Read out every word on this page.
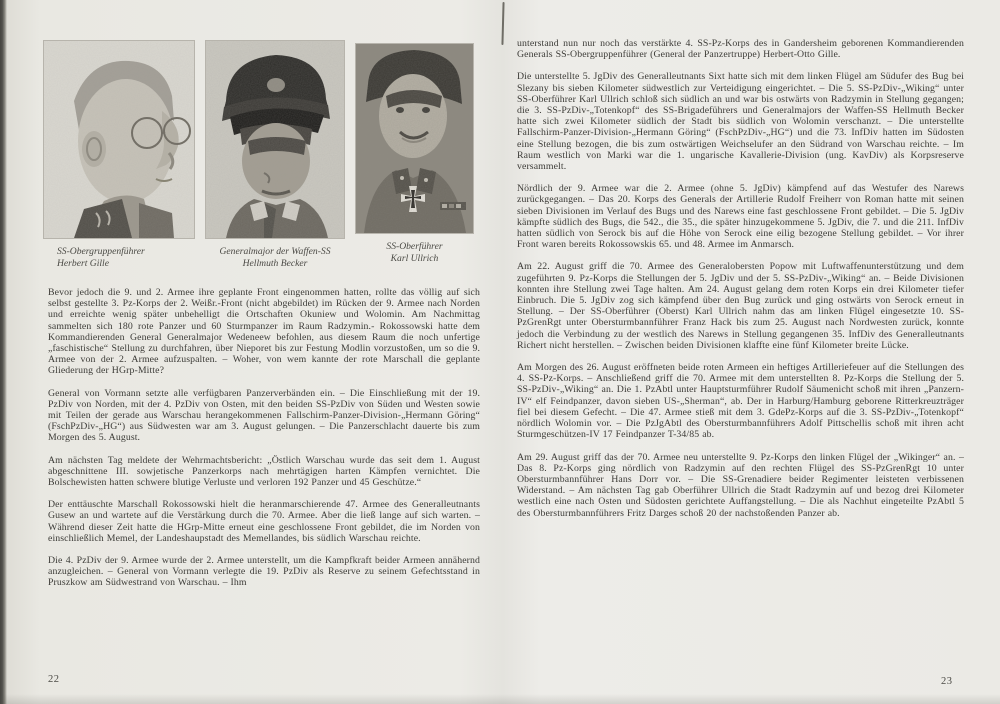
SS-Obergruppenführer
Herbert Gille
Generalmajor der Waffen-SS
Hellmuth Becker
SS-Oberführer
Karl Ullrich

Bevor jedoch die 9. und 2. Armee ihre geplante Front eingenommen hatten, rollte das völlig auf sich selbst gestellte 3. Pz-Korps der 2. Weißr.-Front (nicht abgebildet) im Rücken der 9. Armee nach Norden und erreichte wenig später unbehelligt die Ortschaften Okuniew und Wolomin. Am Nachmittag sammelten sich 180 rote Panzer und 60 Sturmpanzer im Raum Radzymin.- Rokossowski hatte dem Kommandierenden General Generalmajor Wedeneew befohlen, aus diesem Raum die noch unfertige „faschistische“ Stellung zu durchfahren, über Nieporet bis zur Festung Modlin vorzustoßen, um so die 9. Armee von der 2. Armee aufzuspalten. – Woher, von wem kannte der rote Marschall die geplante Gliederung der HGrp-Mitte?

General von Vormann setzte alle verfügbaren Panzerverbänden ein. – Die Einschließung mit der 19. PzDiv von Norden, mit der 4. PzDiv von Osten, mit den beiden SS-PzDiv von Süden und Westen sowie mit Teilen der gerade aus Warschau herangekommenen Fallschirm-Panzer-Division-„Hermann Göring“ (FschPzDiv-„HG“) aus Südwesten war am 3. August gelungen. – Die Panzerschlacht dauerte bis zum Morgen des 5. August.

Am nächsten Tag meldete der Wehrmachtsbericht: „Östlich Warschau wurde das seit dem 1. August abgeschnittene III. sowjetische Panzerkorps nach mehrtägigen harten Kämpfen vernichtet. Die Bolschewisten hatten schwere blutige Verluste und verloren 192 Panzer und 45 Geschütze.“

Der enttäuschte Marschall Rokossowski hielt die heranmarschierende 47. Armee des Generalleutnants Gusew an und wartete auf die Verstärkung durch die 70. Armee. Aber die ließ lange auf sich warten. – Während dieser Zeit hatte die HGrp-Mitte erneut eine geschlossene Front gebildet, die im Norden von einschließlich Memel, der Landeshaupstadt des Memellandes, bis südlich Warschau reichte.

Die 4. PzDiv der 9. Armee wurde der 2. Armee unterstellt, um die Kampfkraft beider Armeen annähernd anzugleichen. – General von Vormann verlegte die 19. PzDiv als Reserve zu seinem Gefechtsstand in Pruszkow am Südwestrand von Warschau. – Ihm

unterstand nun nur noch das verstärkte 4. SS-Pz-Korps des in Gandersheim geborenen Kommandierenden Generals SS-Obergruppenführer (General der Panzertruppe) Herbert-Otto Gille.

Die unterstellte 5. JgDiv des Generalleutnants Sixt hatte sich mit dem linken Flügel am Südufer des Bug bei Slezany bis sieben Kilometer südwestlich zur Verteidigung eingerichtet. – Die 5. SS-PzDiv-„Wiking“ unter SS-Oberführer Karl Ullrich schloß sich südlich an und war bis ostwärts von Radzymin in Stellung gegangen; die 3. SS-PzDiv-„Totenkopf“ des SS-Brigadeführers und Generalmajors der Waffen-SS Hellmuth Becker hatte sich zwei Kilometer südlich der Stadt bis südlich von Wolomin verschanzt. – Die unterstellte Fallschirm-Panzer-Division-„Hermann Göring“ (FschPzDiv-„HG“) und die 73. InfDiv hatten im Südosten eine Stellung bezogen, die bis zum ostwärtigen Weichselufer an den Südrand von Warschau reichte. – Im Raum westlich von Marki war die 1. ungarische Kavallerie-Division (ung. KavDiv) als Korpsreserve versammelt.

Nördlich der 9. Armee war die 2. Armee (ohne 5. JgDiv) kämpfend auf das Westufer des Narews zurückgegangen. – Das 20. Korps des Generals der Artillerie Rudolf Freiherr von Roman hatte mit seinen sieben Divisionen im Verlauf des Bugs und des Narews eine fast geschlossene Front gebildet. – Die 5. JgDiv kämpfte südlich des Bugs, die 542., die 35., die später hinzugekommene 5. JgDiv, die 7. und die 211. InfDiv hatten südlich von Serock bis auf die Höhe von Serock eine eilig bezogene Stellung gebildet. – Vor ihrer Front waren bereits Rokossowskis 65. und 48. Armee im Anmarsch.

Am 22. August griff die 70. Armee des Generalobersten Popow mit Luftwaffenunterstützung und dem zugeführten 9. Pz-Korps die Stellungen der 5. JgDiv und der 5. SS-PzDiv-„Wiking“ an. – Beide Divisionen konnten ihre Stellung zwei Tage halten. Am 24. August gelang dem roten Korps ein drei Kilometer tiefer Einbruch. Die 5. JgDiv zog sich kämpfend über den Bug zurück und ging ostwärts von Serock erneut in Stellung. – Der SS-Oberführer (Oberst) Karl Ullrich nahm das am linken Flügel eingesetzte 10. SS-PzGrenRgt unter Obersturmbannführer Franz Hack bis zum 25. August nach Nordwesten zurück, konnte jedoch die Verbindung zu der westlich des Narews in Stellung gegangenen 35. InfDiv des Generalleutnants Richert nicht herstellen. – Zwischen beiden Divisionen klaffte eine fünf Kilometer breite Lücke.

Am Morgen des 26. August eröffneten beide roten Armeen ein heftiges Artilleriefeuer auf die Stellungen des 4. SS-Pz-Korps. – Anschließend griff die 70. Armee mit dem unterstellten 8. Pz-Korps die Stellung der 5. SS-PzDiv-„Wiking“ an. Die 1. PzAbtl unter Hauptsturmführer Rudolf Säumenicht schoß mit ihren „Panzern-IV“ elf Feindpanzer, davon sieben US-„Sherman“, ab. Der in Harburg/Hamburg geborene Ritterkreuzträger fiel bei diesem Gefecht. – Die 47. Armee stieß mit dem 3. GdePz-Korps auf die 3. SS-PzDiv-„Totenkopf“ nördlich Wolomin vor. – Die PzJgAbtl des Obersturmbannführers Adolf Pittschellis schoß mit ihren acht Sturmgeschützen-IV 17 Feindpanzer T-34/85 ab.

Am 29. August griff das der 70. Armee neu unterstellte 9. Pz-Korps den linken Flügel der „Wikinger“ an. – Das 8. Pz-Korps ging nördlich von Radzymin auf den rechten Flügel des SS-PzGrenRgt 10 unter Obersturmbannführer Hans Dorr vor. – Die SS-Grenadiere beider Regimenter leisteten verbissenen Widerstand. – Am nächsten Tag gab Oberführer Ullrich die Stadt Radzymin auf und bezog drei Kilometer westlich eine nach Osten und Südosten gerichtete Auffangstellung. – Die als Nachhut eingeteilte PzAbtl 5 des Obersturmbannführers Fritz Darges schoß 20 der nachstoßenden Panzer ab.

22	23
